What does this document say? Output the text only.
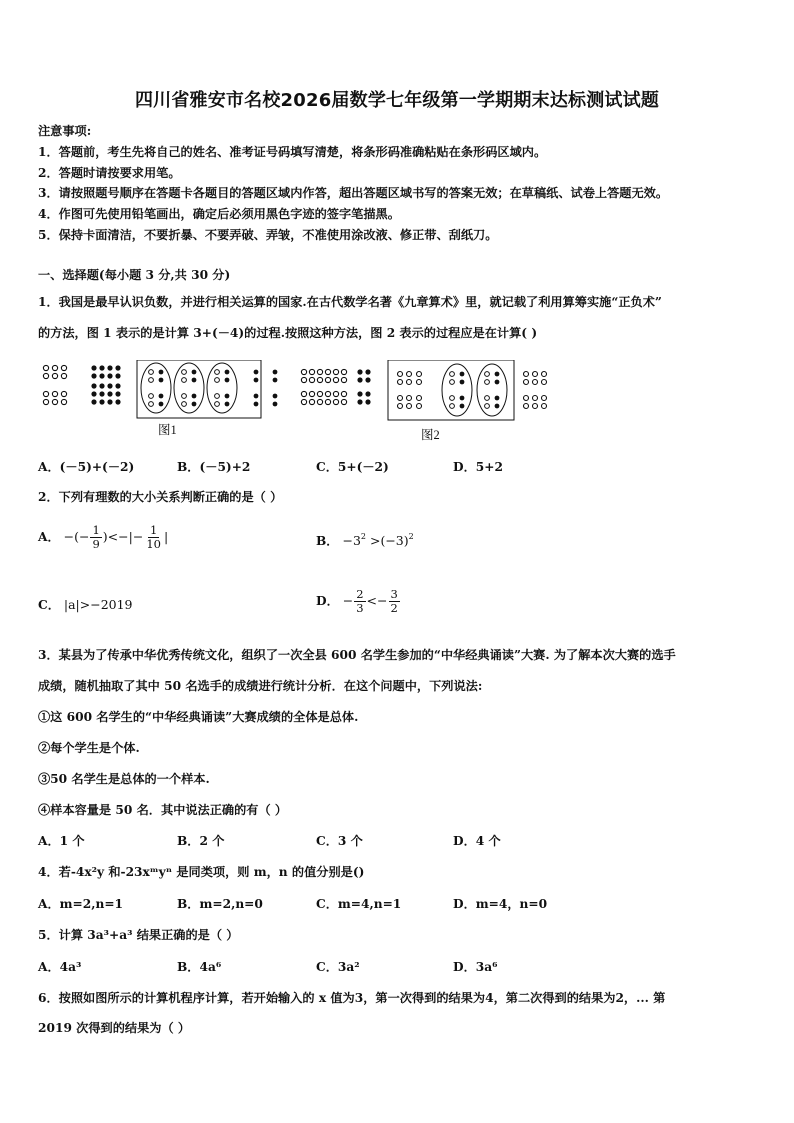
四川省雅安市名校2026届数学七年级第一学期期末达标测试试题
注意事项:
1．答题前，考生先将自己的姓名、准考证号码填写清楚，将条形码准确粘贴在条形码区域内。
2．答题时请按要求用笔。
3．请按照题号顺序在答题卡各题目的答题区域内作答，超出答题区域书写的答案无效；在草稿纸、试卷上答题无效。
4．作图可先使用铅笔画出，确定后必须用黑色字迹的签字笔描黑。
5．保持卡面清洁，不要折暴、不要弄破、弄皱，不准使用涂改液、修正带、刮纸刀。
一、选择题(每小题 3 分,共 30 分)
1．我国是最早认识负数，并进行相关运算的国家.在古代数学名著《九章算术》里，就记载了利用算筹实施“正负术”
的方法，图 1 表示的是计算 3+(－4)的过程.按照这种方法，图 2 表示的过程应是在计算( )
图1	图2
A．(－5)+(－2)	B．(－5)+2	C．5+(－2)	D．5+2
2．下列有理数的大小关系判断正确的是（ ）
A． −(− $\frac{1}{9}$ )<−|− $\frac{1}{10}$ |	B． $-3^2 >(-3)^2$
C． |a|>−2019	D． − $\frac{2}{3} <- \frac{3}{2}$
3．某县为了传承中华优秀传统文化，组织了一次全县 600 名学生参加的“中华经典诵读”大赛. 为了解本次大赛的选手
成绩，随机抽取了其中 50 名选手的成绩进行统计分析．在这个问题中，下列说法:
①这 600 名学生的“中华经典诵读”大赛成绩的全体是总体.
②每个学生是个体.
③50 名学生是总体的一个样本.
④样本容量是 50 名．其中说法正确的有（ ）
A．1 个	B．2 个	C．3 个	D．4 个
4．若-4x²y 和-23xᵐyⁿ 是同类项，则 m，n 的值分别是()
A．m=2,n=1	B．m=2,n=0	C．m=4,n=1	D．m=4，n=0
5．计算 3a³+a³ 结果正确的是（ ）
A．4a³	B．4a⁶	C．3a²	D．3a⁶
6．按照如图所示的计算机程序计算，若开始输入的 x 值为3，第一次得到的结果为4，第二次得到的结果为2，... 第
2019 次得到的结果为（ ）
